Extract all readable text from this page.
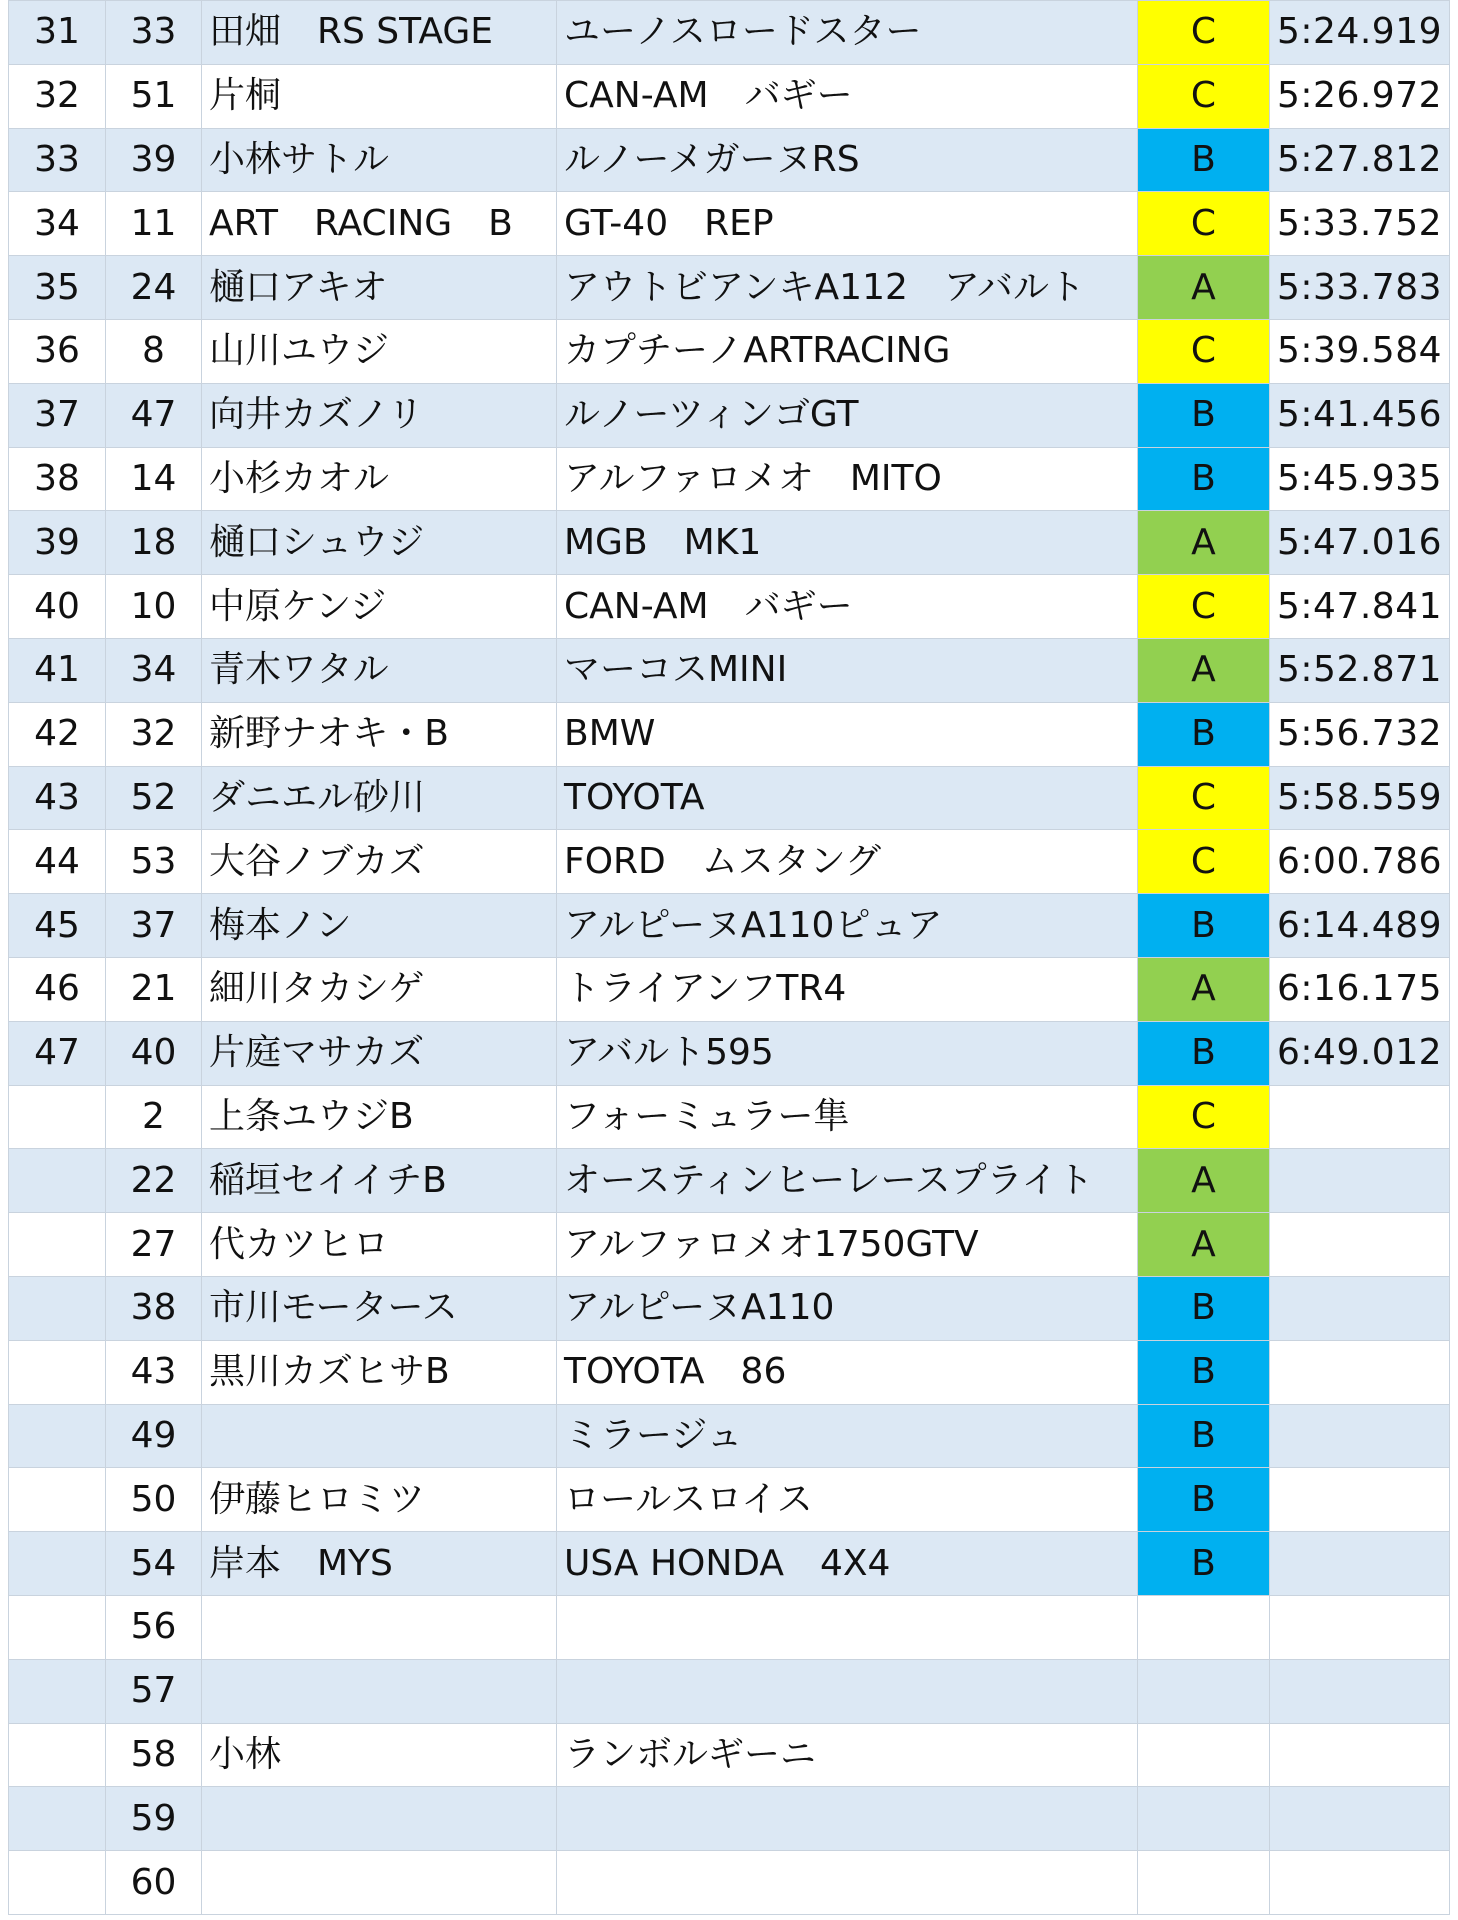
31	33	田畑　RS STAGE	ユーノスロードスター	C	5:24.919
32	51	片桐	CAN-AM　バギー	C	5:26.972
33	39	小林サトル	ルノーメガーヌRS	B	5:27.812
34	11	ART　RACING　B	GT-40　REP	C	5:33.752
35	24	樋口アキオ	アウトビアンキA112　アバルト	A	5:33.783
36	8	山川ユウジ	カプチーノARTRACING	C	5:39.584
37	47	向井カズノリ	ルノーツィンゴGT	B	5:41.456
38	14	小杉カオル	アルファロメオ　MITO	B	5:45.935
39	18	樋口シュウジ	MGB　MK1	A	5:47.016
40	10	中原ケンジ	CAN-AM　バギー	C	5:47.841
41	34	青木ワタル	マーコスMINI	A	5:52.871
42	32	新野ナオキ・B	BMW	B	5:56.732
43	52	ダニエル砂川	TOYOTA	C	5:58.559
44	53	大谷ノブカズ	FORD　ムスタング	C	6:00.786
45	37	梅本ノン	アルピーヌA110ピュア	B	6:14.489
46	21	細川タカシゲ	トライアンフTR4	A	6:16.175
47	40	片庭マサカズ	アバルト595	B	6:49.012
	2	上条ユウジB	フォーミュラー隼	C	
	22	稲垣セイイチB	オースティンヒーレースプライト	A	
	27	代カツヒロ	アルファロメオ1750GTV	A	
	38	市川モータース	アルピーヌA110	B	
	43	黒川カズヒサB	TOYOTA　86	B	
	49		ミラージュ	B	
	50	伊藤ヒロミツ	ロールスロイス	B	
	54	岸本　MYS	USA HONDA　4X4	B	
	56				
	57				
	58	小林	ランボルギーニ		
	59				
	60				
